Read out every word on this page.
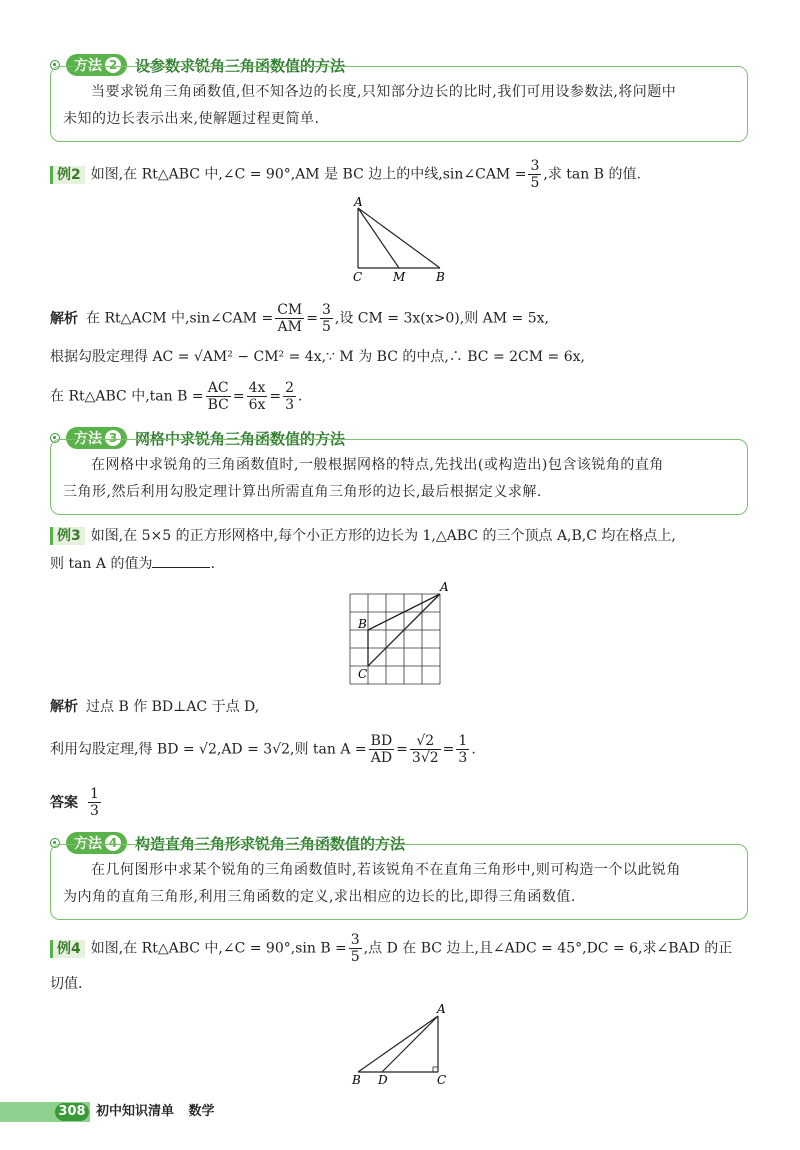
方法 2 设参数求锐角三角函数值的方法
当要求锐角三角函数值,但不知各边的长度,只知部分边长的比时,我们可用设参数法,将问题中
未知的边长表示出来,使解题过程更简单.
例2 如图,在 Rt△ABC 中,∠C = 90°,AM 是 BC 边上的中线,sin∠CAM = $\frac{3}{5}$ ,求 tan B 的值.
A
C	M	B
解析 在 Rt△ACM 中,sin∠CAM = $\frac{CM}{AM} = \frac{3}{5}$ ,设 CM = 3x(x>0),则 AM = 5x,
根据勾股定理得 AC = √AM² − CM² = 4x,∵ M 为 BC 的中点,∴ BC = 2CM = 6x,
在 Rt△ABC 中,tan $B = \frac{AC}{BC} = \frac{4x}{6x} = \frac{2}{3}$ .
方法 3 网格中求锐角三角函数值的方法
在网格中求锐角的三角函数值时,一般根据网格的特点,先找出(或构造出)包含该锐角的直角
三角形,然后利用勾股定理计算出所需直角三角形的边长,最后根据定义求解.
例3 如图,在 5×5 的正方形网格中,每个小正方形的边长为 1,△ABC 的三个顶点 A,B,C 均在格点上,
则 tan A 的值为	.
A
B
C
解析 过点 B 作 BD⊥AC 于点 D,
利用勾股定理,得 BD = √2,AD = 3√2,则 $\tan A = \frac{BD}{AD} = \frac{√2}{3√2} = \frac{1}{3}$ .
答案 $\frac{1}{3}$
方法 4 构造直角三角形求锐角三角函数值的方法
在几何图形中求某个锐角的三角函数值时,若该锐角不在直角三角形中,则可构造一个以此锐角
为内角的直角三角形,利用三角函数的定义,求出相应的边长的比,即得三角函数值.
例4 如图,在 Rt△ABC 中,∠C = 90°,sin $B = \frac{3}{5}$ ,点 D 在 BC 边上,且∠ADC = 45°,DC = 6,求∠BAD 的正
切值.
A
B D	C
308 初中知识清单 数学
